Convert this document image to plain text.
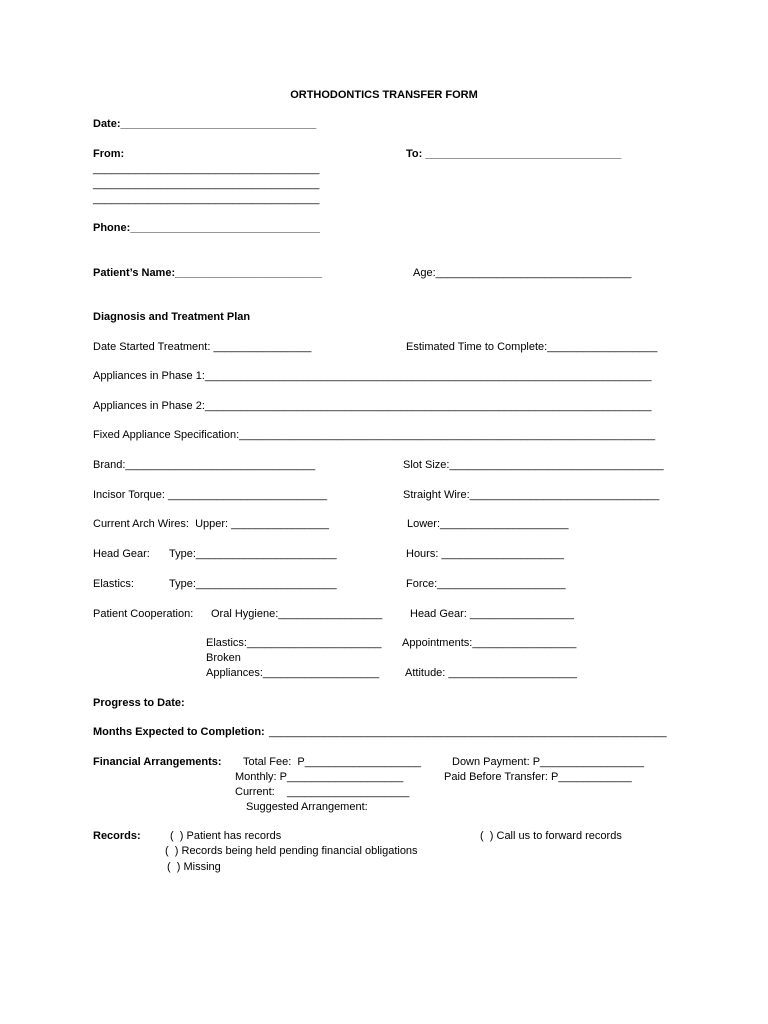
ORTHODONTICS TRANSFER FORM
Date:________________________________
From:	To: ________________________________
_____________________________________
_____________________________________
_____________________________________
Phone:_______________________________
Patient’s Name:________________________	Age:________________________________
Diagnosis and Treatment Plan
Date Started Treatment: ________________	Estimated Time to Complete:__________________
Appliances in Phase 1:_________________________________________________________________________
Appliances in Phase 2:_________________________________________________________________________
Fixed Appliance Specification:____________________________________________________________________
Brand:_______________________________	Slot Size:___________________________________
Incisor Torque: __________________________	Straight Wire:_______________________________
Current Arch Wires:  Upper: ________________	Lower:_____________________
Head Gear: Type:_______________________	Hours: ____________________
Elastics:	Type:_______________________	Force:_____________________
Patient Cooperation: Oral Hygiene:_________________	Head Gear: _________________
Elastics:______________________ Appointments:_________________
Broken
Appliances:___________________ Attitude: _____________________
Progress to Date:
Months Expected to Completion: _________________________________________________________________
Financial Arrangements: Total Fee:  P___________________	Down Payment: P_________________
Monthly: P___________________	Paid Before Transfer: P____________
Current:    ____________________
Suggested Arrangement:
Records:	(  ) Patient has records	(  ) Call us to forward records
(  ) Records being held pending financial obligations
(  ) Missing
